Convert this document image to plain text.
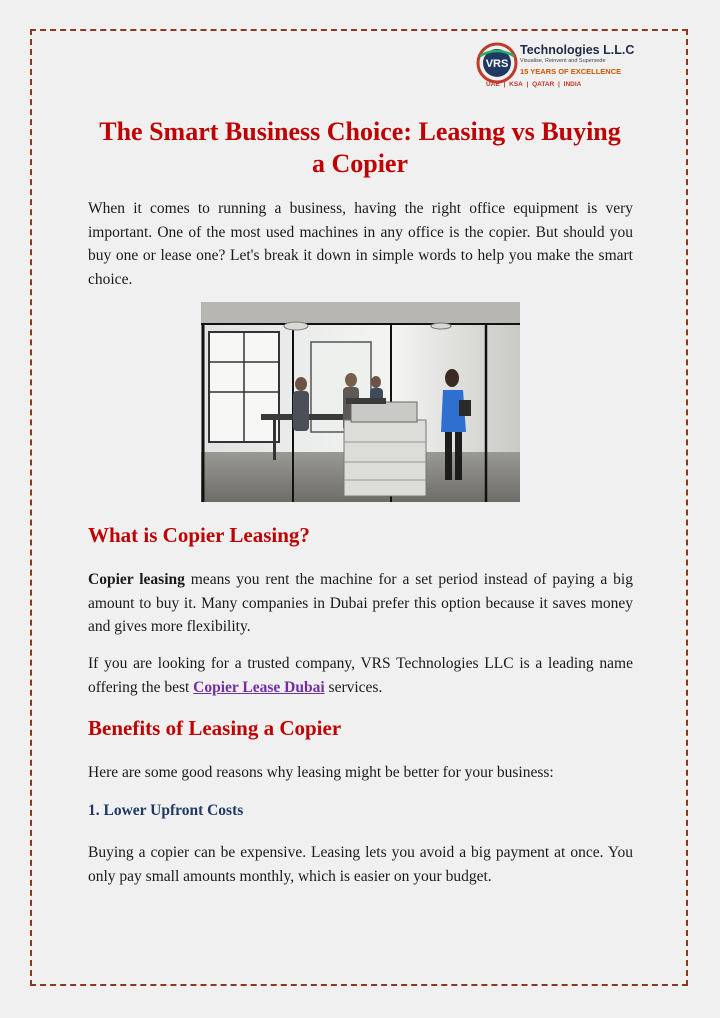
VRS
Technologies L.L.C
Visualise, Reinvent and Supersede
15 YEARS OF EXCELLENCE
UAE | KSA | QATAR | INDIA
The Smart Business Choice: Leasing vs Buying a Copier

When it comes to running a business, having the right office equipment is very important. One of the most used machines in any office is the copier. But should you buy one or lease one? Let's break it down in simple words to help you make the smart choice.

What is Copier Leasing?

Copier leasing means you rent the machine for a set period instead of paying a big amount to buy it. Many companies in Dubai prefer this option because it saves money and gives more flexibility.

If you are looking for a trusted company, VRS Technologies LLC is a leading name offering the best Copier Lease Dubai services.

Benefits of Leasing a Copier

Here are some good reasons why leasing might be better for your business:

1. Lower Upfront Costs

Buying a copier can be expensive. Leasing lets you avoid a big payment at once. You only pay small amounts monthly, which is easier on your budget.
